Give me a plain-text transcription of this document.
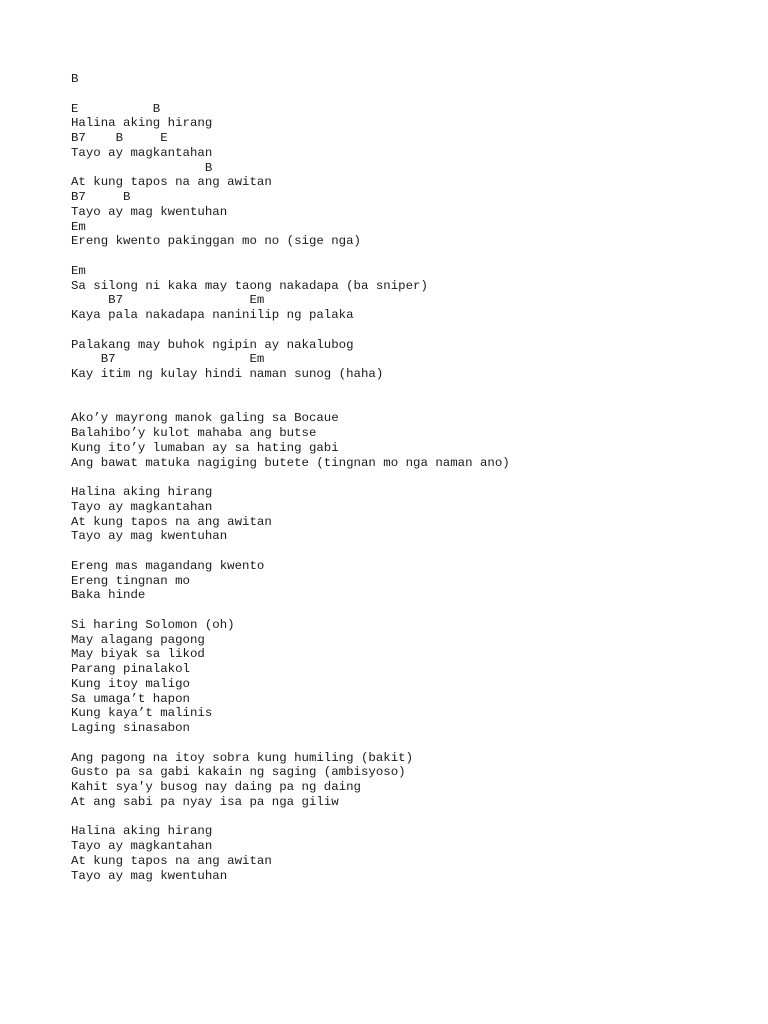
B
E          B
Halina aking hirang
B7    B     E
Tayo ay magkantahan
B
At kung tapos na ang awitan
B7     B
Tayo ay mag kwentuhan
Em
Ereng kwento pakinggan mo no (sige nga)
Em
Sa silong ni kaka may taong nakadapa (ba sniper)
B7                 Em
Kaya pala nakadapa naninilip ng palaka
Palakang may buhok ngipin ay nakalubog
B7                  Em
Kay itim ng kulay hindi naman sunog (haha)
Ako’y mayrong manok galing sa Bocaue
Balahibo’y kulot mahaba ang butse
Kung ito’y lumaban ay sa hating gabi
Ang bawat matuka nagiging butete (tingnan mo nga naman ano)
Halina aking hirang
Tayo ay magkantahan
At kung tapos na ang awitan
Tayo ay mag kwentuhan
Ereng mas magandang kwento
Ereng tingnan mo
Baka hinde
Si haring Solomon (oh)
May alagang pagong
May biyak sa likod
Parang pinalakol
Kung itoy maligo
Sa umaga’t hapon
Kung kaya’t malinis
Laging sinasabon
Ang pagong na itoy sobra kung humiling (bakit)
Gusto pa sa gabi kakain ng saging (ambisyoso)
Kahit sya'y busog nay daing pa ng daing
At ang sabi pa nyay isa pa nga giliw
Halina aking hirang
Tayo ay magkantahan
At kung tapos na ang awitan
Tayo ay mag kwentuhan
